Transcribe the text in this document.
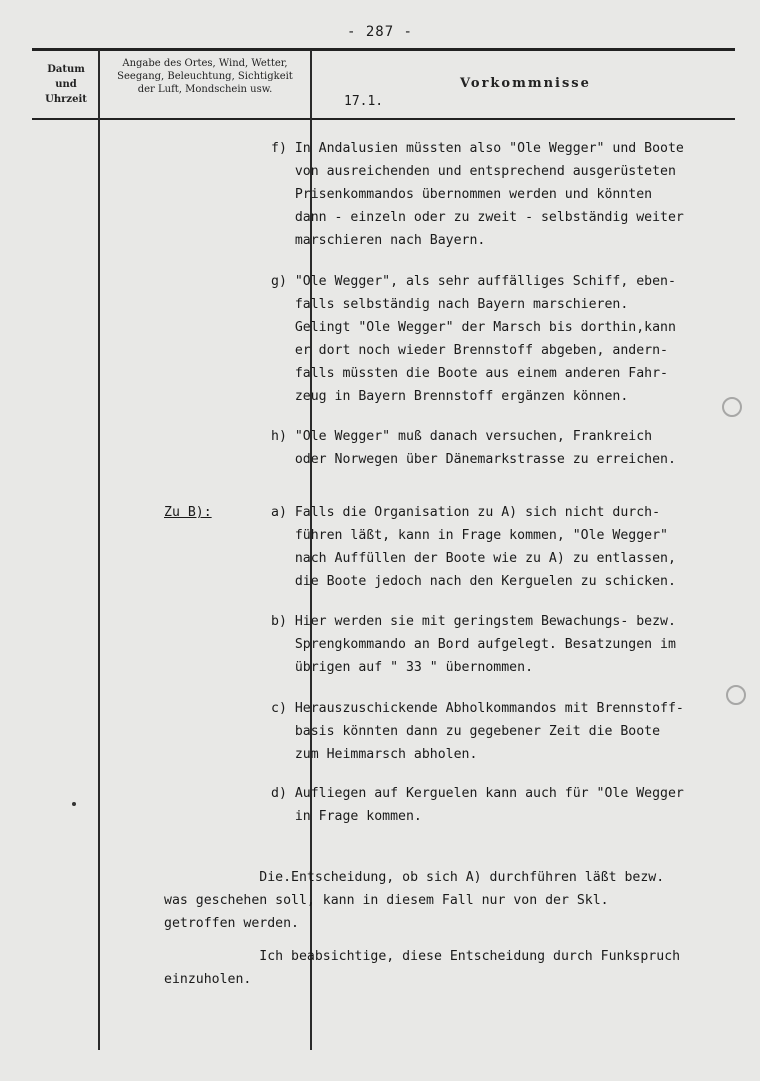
- 287 -
Datum
und
Uhrzeit
Angabe des Ortes, Wind, Wetter,
Seegang, Beleuchtung, Sichtigkeit
der Luft, Mondschein usw.	Vorkommnisse
17.1.
Zu B):
f) In Andalusien müssten also "Ole Wegger" und Boote
von ausreichenden und entsprechend ausgerüsteten
Prisenkommandos übernommen werden und könnten
dann - einzeln oder zu zweit - selbständig weiter
marschieren nach Bayern.
g) "Ole Wegger", als sehr auffälliges Schiff, eben-
falls selbständig nach Bayern marschieren.
Gelingt "Ole Wegger" der Marsch bis dorthin,kann
er dort noch wieder Brennstoff abgeben, andern-
falls müssten die Boote aus einem anderen Fahr-
zeug in Bayern Brennstoff ergänzen können.
h) "Ole Wegger" muß danach versuchen, Frankreich
oder Norwegen über Dänemarkstrasse zu erreichen.
a) Falls die Organisation zu A) sich nicht durch-
führen läßt, kann in Frage kommen, "Ole Wegger"
nach Auffüllen der Boote wie zu A) zu entlassen,
die Boote jedoch nach den Kerguelen zu schicken.
b) Hier werden sie mit geringstem Bewachungs- bezw.
Sprengkommando an Bord aufgelegt. Besatzungen im
übrigen auf " 33 " übernommen.
c) Herauszuschickende Abholkommandos mit Brennstoff-
basis könnten dann zu gegebener Zeit die Boote
zum Heimmarsch abholen.
d) Aufliegen auf Kerguelen kann auch für "Ole Wegger
in Frage kommen.
Die.Entscheidung, ob sich A) durchführen läßt bezw.
was geschehen soll, kann in diesem Fall nur von der Skl.
getroffen werden.
Ich beabsichtige, diese Entscheidung durch Funkspruch
einzuholen.
